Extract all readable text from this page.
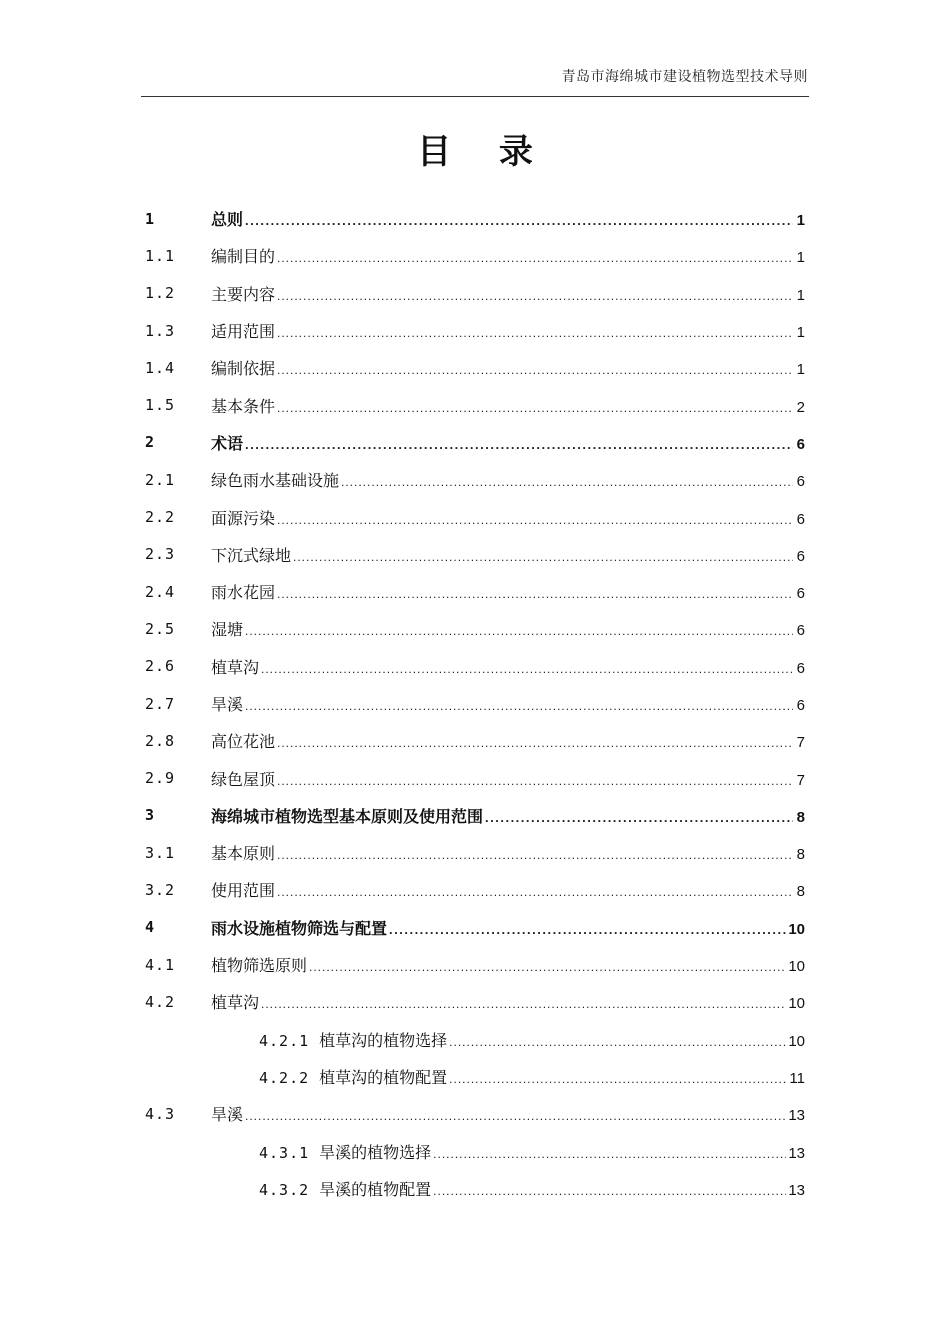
青岛市海绵城市建设植物选型技术导则
目 录
1	总则 .....	1
1.1 编制目的 .....	1
1.2 主要内容 .....	1
1.3 适用范围 .....	1
1.4 编制依据 .....	1
1.5 基本条件 .....	2
2	术语 .....	6
2.1 绿色雨水基础设施 .....	6
2.2 面源污染 .....	6
2.3 下沉式绿地 .....	6
2.4 雨水花园 .....	6
2.5 湿塘 .....	6
2.6 植草沟 .....	6
2.7 旱溪 .....	6
2.8 高位花池 .....	7
2.9 绿色屋顶 .....	7
3	海绵城市植物选型基本原则及使用范围 .....	8
3.1 基本原则 .....	8
3.2 使用范围 .....	8
4	雨水设施植物筛选与配置 .....	10
4.1 植物筛选原则 .....	10
4.2 植草沟 .....	10
4.2.1 植草沟的植物选择 .....	10
4.2.2 植草沟的植物配置 .....	11
4.3 旱溪 .....	13
4.3.1 旱溪的植物选择 .....	13
4.3.2 旱溪的植物配置 .....	13
